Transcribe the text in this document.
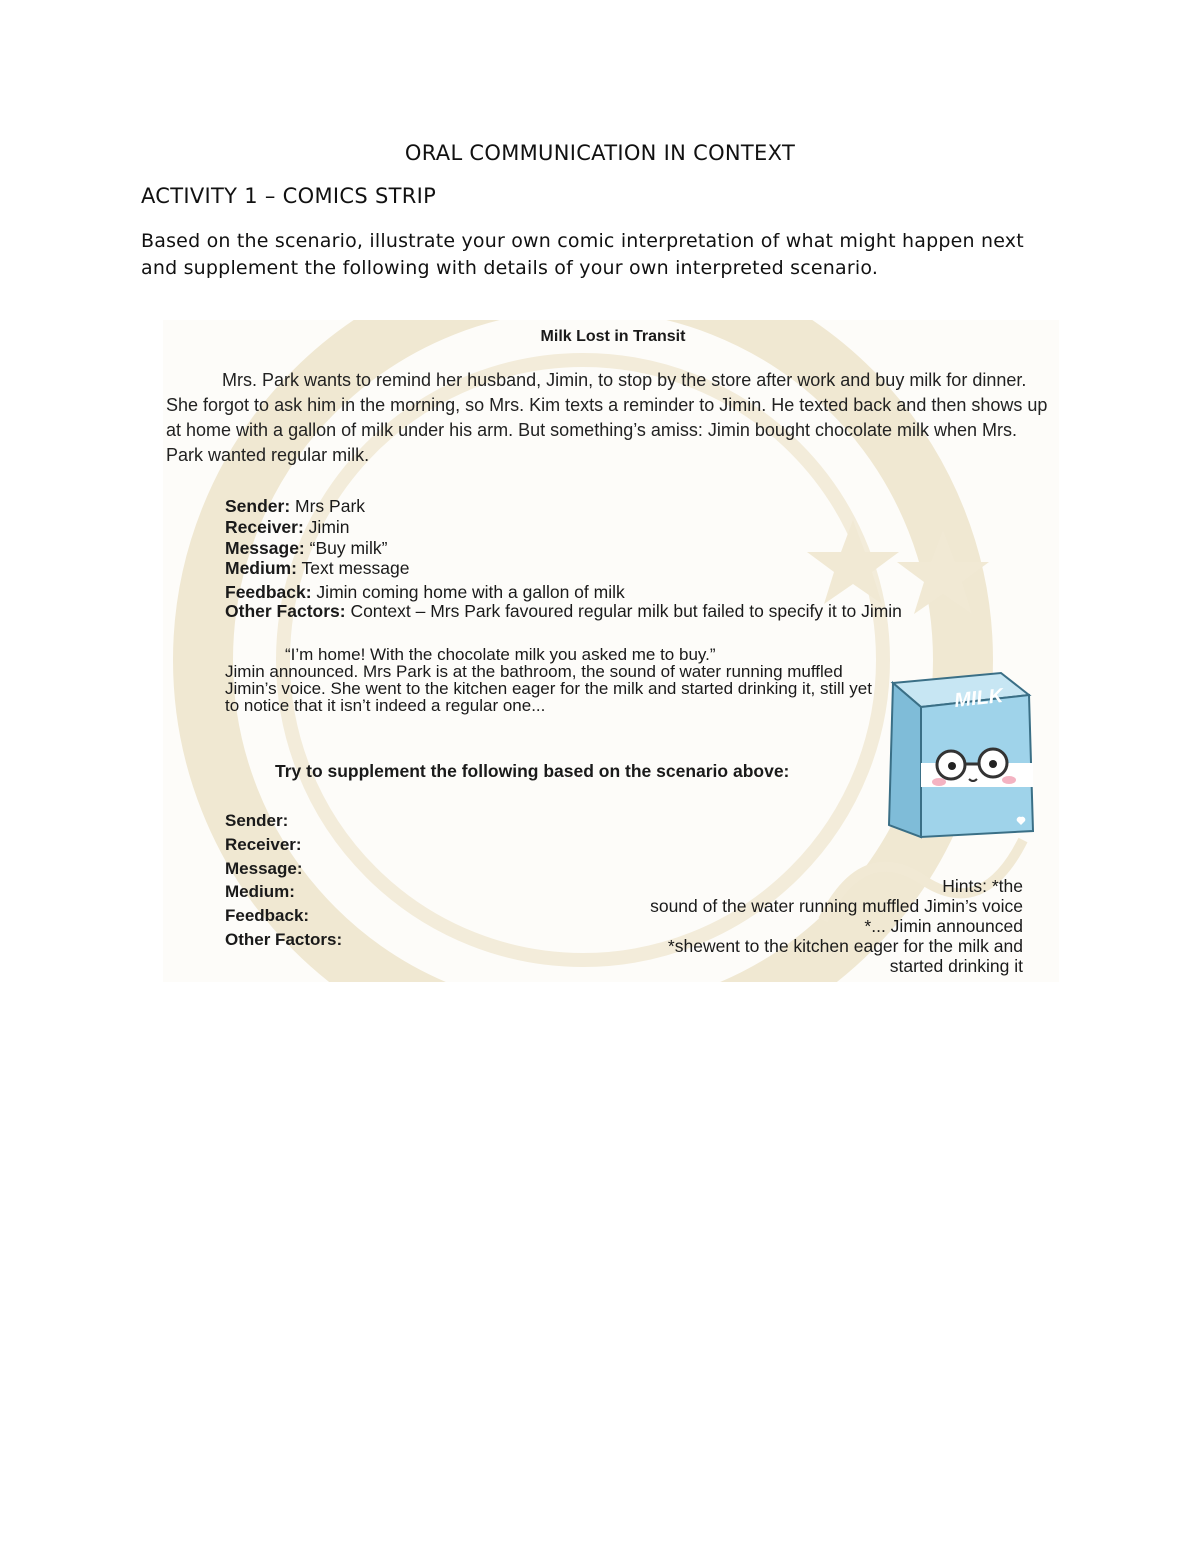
ORAL COMMUNICATION IN CONTEXT
ACTIVITY 1 – COMICS STRIP
Based on the scenario, illustrate your own comic interpretation of what might happen next and supplement the following with details of your own interpreted scenario.
Milk Lost in Transit
Mrs. Park wants to remind her husband, Jimin, to stop by the store after work and buy milk for dinner. She forgot to ask him in the morning, so Mrs. Kim texts a reminder to Jimin. He texted back and then shows up at home with a gallon of milk under his arm. But something’s amiss: Jimin bought chocolate milk when Mrs. Park wanted regular milk.
Sender: Mrs Park
Receiver: Jimin
Message: “Buy milk”
Medium: Text message
Feedback: Jimin coming home with a gallon of milk
Other Factors: Context – Mrs Park favoured regular milk but failed to specify it to Jimin
“I’m home! With the chocolate milk you asked me to buy.”
Jimin announced. Mrs Park is at the bathroom, the sound of water running muffled Jimin’s voice. She went to the kitchen eager for the milk and started drinking it, still yet to notice that it isn’t indeed a regular one...	MILK
Try to supplement the following based on the scenario above:
Sender:
Receiver:
Message:
Medium:
Feedback:
Other Factors:
Hints: *the
sound of the water running muffled Jimin’s voice
*... Jimin announced
*shewent to the kitchen eager for the milk and
started drinking it
